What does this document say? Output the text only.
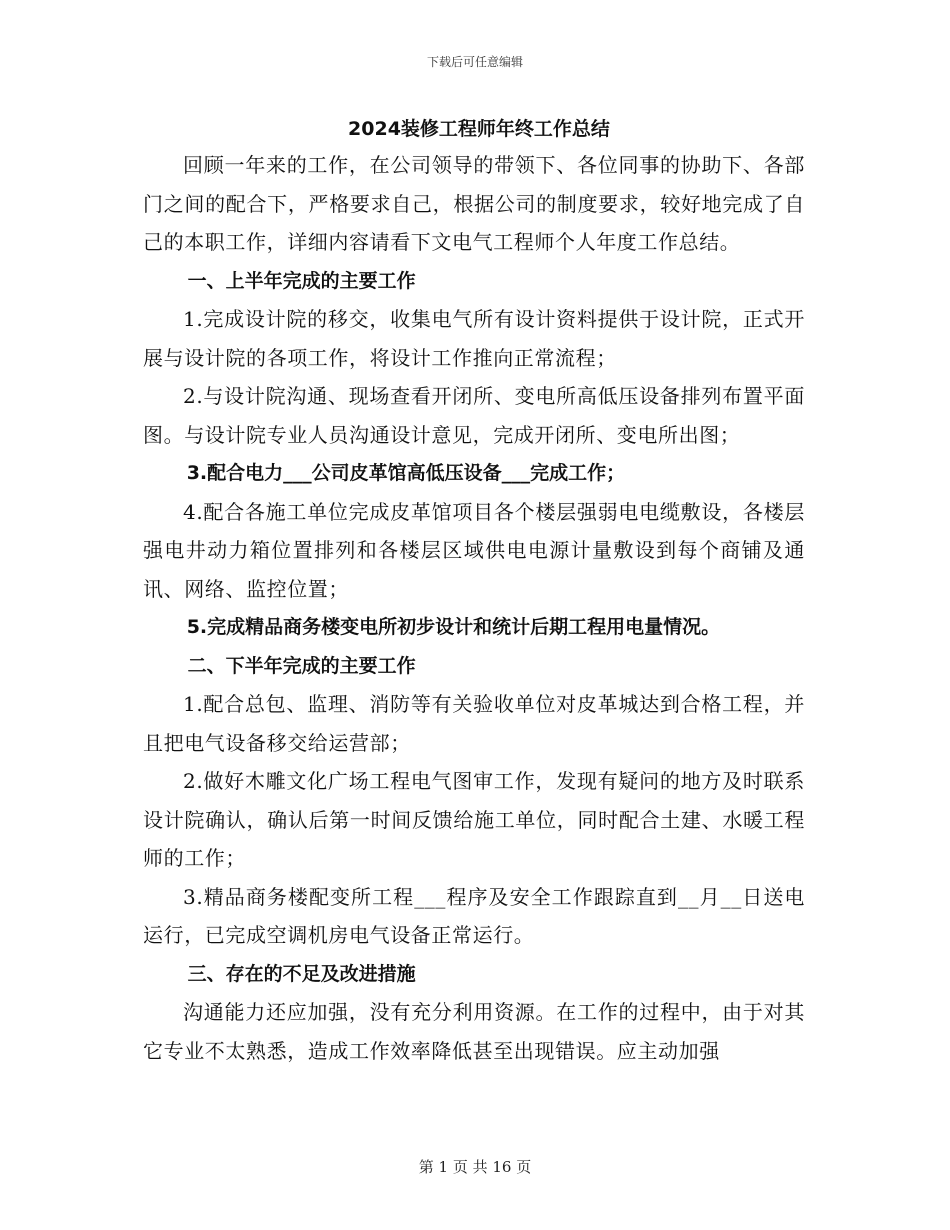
下载后可任意编辑
2024装修工程师年终工作总结

回顾一年来的工作，在公司领导的带领下、各位同事的协助下、各部门之间的配合下，严格要求自己，根据公司的制度要求，较好地完成了自己的本职工作，详细内容请看下文电气工程师个人年度工作总结。

一、上半年完成的主要工作

1.完成设计院的移交，收集电气所有设计资料提供于设计院，正式开展与设计院的各项工作，将设计工作推向正常流程；

2.与设计院沟通、现场查看开闭所、变电所高低压设备排列布置平面图。与设计院专业人员沟通设计意见，完成开闭所、变电所出图；

3.配合电力___公司皮革馆高低压设备___完成工作；

4.配合各施工单位完成皮革馆项目各个楼层强弱电电缆敷设，各楼层强电井动力箱位置排列和各楼层区域供电电源计量敷设到每个商铺及通讯、网络、监控位置；

5.完成精品商务楼变电所初步设计和统计后期工程用电量情况。

二、下半年完成的主要工作

1.配合总包、监理、消防等有关验收单位对皮革城达到合格工程，并且把电气设备移交给运营部；

2.做好木雕文化广场工程电气图审工作，发现有疑问的地方及时联系设计院确认，确认后第一时间反馈给施工单位，同时配合土建、水暖工程师的工作；

3.精品商务楼配变所工程___程序及安全工作跟踪直到__月__日送电运行，已完成空调机房电气设备正常运行。

三、存在的不足及改进措施

沟通能力还应加强，没有充分利用资源。在工作的过程中，由于对其它专业不太熟悉，造成工作效率降低甚至出现错误。应主动加强

第 1 页 共 16 页
